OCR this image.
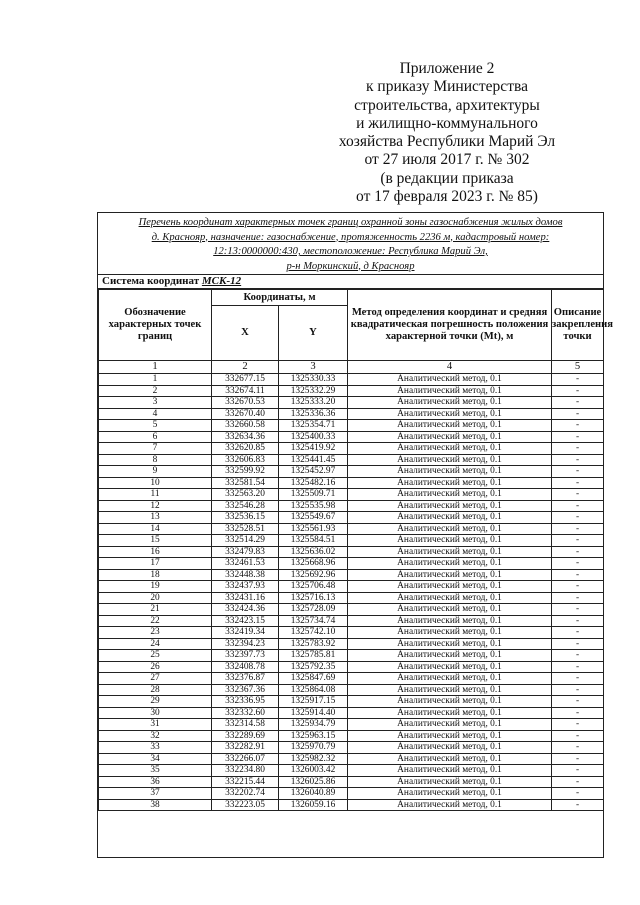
Приложение 2
к приказу Министерства
строительства, архитектуры
и жилищно-коммунального
хозяйства Республики Марий Эл
от 27 июля 2017 г. № 302
(в редакции приказа
от 17 февраля 2023 г. № 85)
Перечень координат характерных точек границ охранной зоны газоснабжения жилых домов
д. Краснояр, назначение: газоснабжение, протяженность 2236 м, кадастровый номер:
12:13:0000000:430, местоположение: Республика Марий Эл,
р-н Моркинский, д Краснояр
Система координат МСК-12
Обозначение характерных точек границ	Координаты, м		Метод определения координат и средняя квадратическая погрешность положения характерной точки (Mt), м	Описание закрепления точки
	X	Y		
1	2	3	4	5
1	332677.15	1325330.33	Аналитический метод, 0.1	-
2	332674.11	1325332.29	Аналитический метод, 0.1	-
3	332670.53	1325333.20	Аналитический метод, 0.1	-
4	332670.40	1325336.36	Аналитический метод, 0.1	-
5	332660.58	1325354.71	Аналитический метод, 0.1	-
6	332634.36	1325400.33	Аналитический метод, 0.1	-
7	332620.85	1325419.92	Аналитический метод, 0.1	-
8	332606.83	1325441.45	Аналитический метод, 0.1	-
9	332599.92	1325452.97	Аналитический метод, 0.1	-
10	332581.54	1325482.16	Аналитический метод, 0.1	-
11	332563.20	1325509.71	Аналитический метод, 0.1	-
12	332546.28	1325535.98	Аналитический метод, 0.1	-
13	332536.15	1325549.67	Аналитический метод, 0.1	-
14	332528.51	1325561.93	Аналитический метод, 0.1	-
15	332514.29	1325584.51	Аналитический метод, 0.1	-
16	332479.83	1325636.02	Аналитический метод, 0.1	-
17	332461.53	1325668.96	Аналитический метод, 0.1	-
18	332448.38	1325692.96	Аналитический метод, 0.1	-
19	332437.93	1325706.48	Аналитический метод, 0.1	-
20	332431.16	1325716.13	Аналитический метод, 0.1	-
21	332424.36	1325728.09	Аналитический метод, 0.1	-
22	332423.15	1325734.74	Аналитический метод, 0.1	-
23	332419.34	1325742.10	Аналитический метод, 0.1	-
24	332394.23	1325783.92	Аналитический метод, 0.1	-
25	332397.73	1325785.81	Аналитический метод, 0.1	-
26	332408.78	1325792.35	Аналитический метод, 0.1	-
27	332376.87	1325847.69	Аналитический метод, 0.1	-
28	332367.36	1325864.08	Аналитический метод, 0.1	-
29	332336.95	1325917.15	Аналитический метод, 0.1	-
30	332332.60	1325914.40	Аналитический метод, 0.1	-
31	332314.58	1325934.79	Аналитический метод, 0.1	-
32	332289.69	1325963.15	Аналитический метод, 0.1	-
33	332282.91	1325970.79	Аналитический метод, 0.1	-
34	332266.07	1325982.32	Аналитический метод, 0.1	-
35	332234.80	1326003.42	Аналитический метод, 0.1	-
36	332215.44	1326025.86	Аналитический метод, 0.1	-
37	332202.74	1326040.89	Аналитический метод, 0.1	-
38	332223.05	1326059.16	Аналитический метод, 0.1	-
